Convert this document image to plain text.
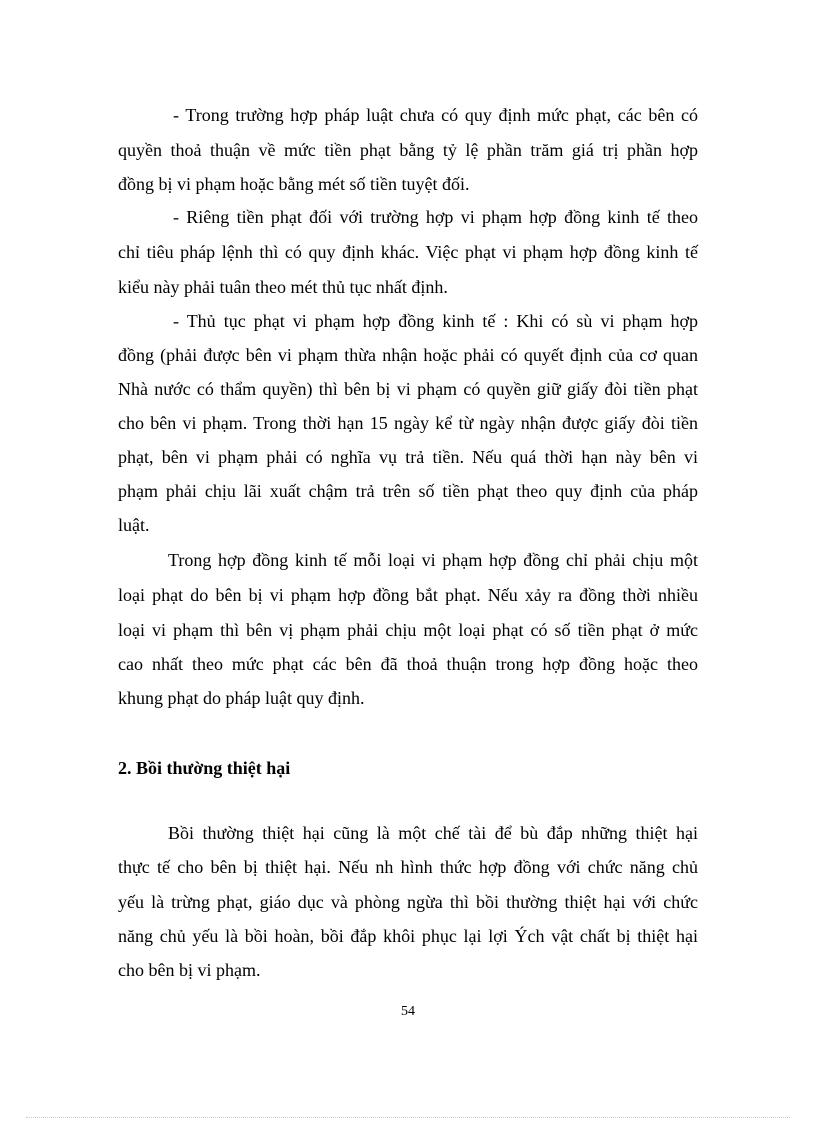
- Trong trường hợp pháp luật chưa có quy định mức phạt, các bên có

quyền thoả thuận về mức tiền phạt bằng tỷ lệ phần trăm giá trị phần hợp

đồng bị vi phạm hoặc bằng mét số tiền tuyệt đối.

- Riêng tiền phạt đối với trường hợp vi phạm hợp đồng kinh tế theo

chỉ tiêu pháp lệnh thì có quy định khác. Việc phạt vi phạm hợp đồng kinh tế

kiểu này phải tuân theo mét thủ tục nhất định.

- Thủ tục phạt vi phạm hợp đồng kinh tế : Khi có sù vi phạm hợp

đồng (phải được bên vi phạm thừa nhận hoặc phải có quyết định của cơ quan

Nhà nước có thẩm quyền) thì bên bị vi phạm có quyền giữ giấy đòi tiền phạt

cho bên vi phạm. Trong thời hạn 15 ngày kể từ ngày nhận được giấy đòi tiền

phạt, bên vi phạm phải có nghĩa vụ trả tiền. Nếu quá thời hạn này bên vi

phạm phải chịu lãi xuất chậm trả trên số tiền phạt theo quy định của pháp

luật.

Trong hợp đồng kinh tế mỗi loại vi phạm hợp đồng chỉ phải chịu một

loại phạt do bên bị vi phạm hợp đồng bắt phạt. Nếu xảy ra đồng thời nhiều

loại vi phạm thì bên vị phạm phải chịu một loại phạt có số tiền phạt ở mức

cao nhất theo mức phạt các bên đã thoả thuận trong hợp đồng hoặc theo

khung phạt do pháp luật quy định.

2. Bồi thường thiệt hại

Bồi thường thiệt hại cũng là một chế tài để bù đắp những thiệt hại

thực tế cho bên bị thiệt hại. Nếu nh hình thức hợp đồng với chức năng chủ

yếu là trừng phạt, giáo dục và phòng ngừa thì bồi thường thiệt hại với chức

năng chủ yếu là bồi hoàn, bồi đắp khôi phục lại lợi Ých vật chất bị thiệt hại

cho bên bị vi phạm.

54
